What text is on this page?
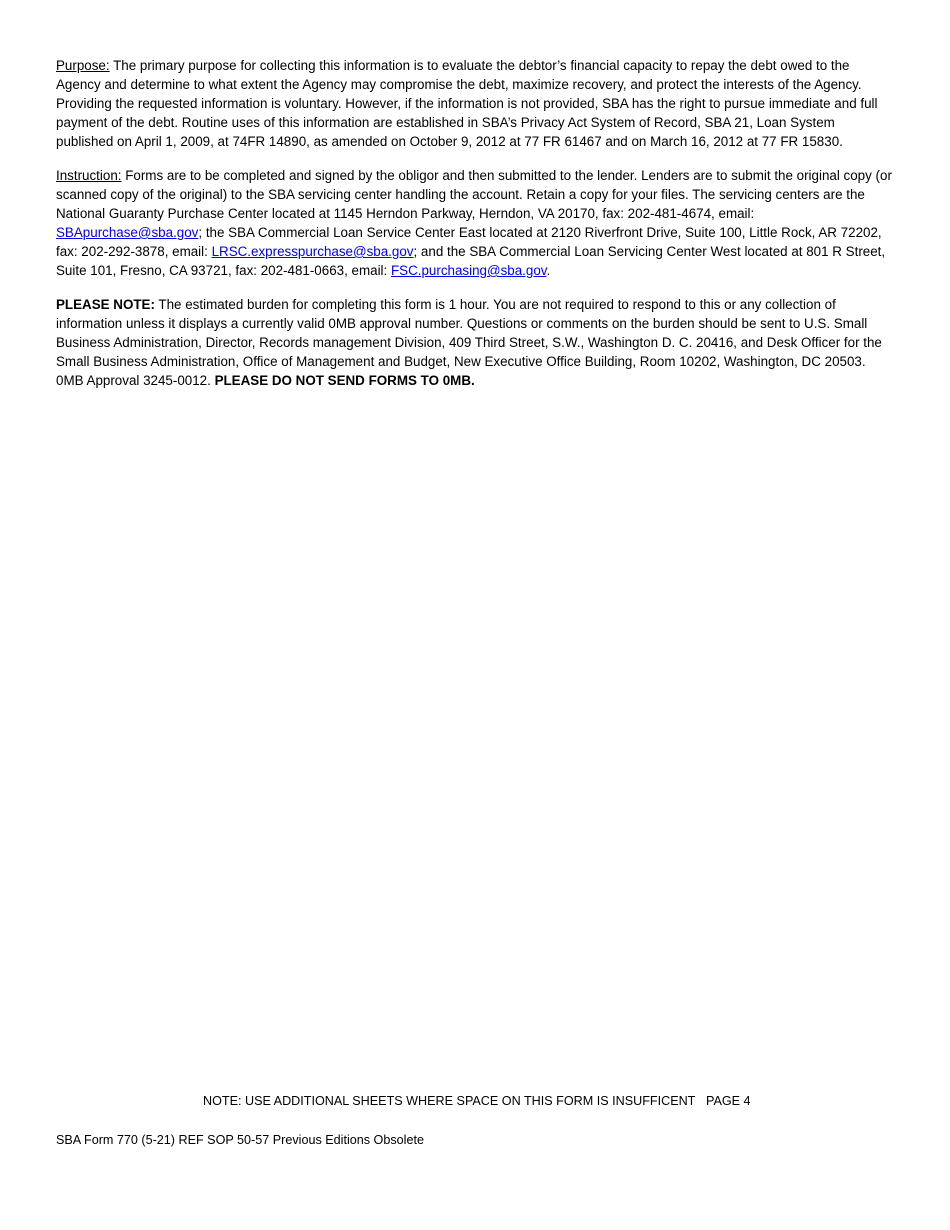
Purpose: The primary purpose for collecting this information is to evaluate the debtor’s financial capacity to repay the debt owed to the Agency and determine to what extent the Agency may compromise the debt, maximize recovery, and protect the interests of the Agency. Providing the requested information is voluntary. However, if the information is not provided, SBA has the right to pursue immediate and full payment of the debt. Routine uses of this information are established in SBA’s Privacy Act System of Record, SBA 21, Loan System published on April 1, 2009, at 74FR 14890, as amended on October 9, 2012 at 77 FR 61467 and on March 16, 2012 at 77 FR 15830.

Instruction: Forms are to be completed and signed by the obligor and then submitted to the lender. Lenders are to submit the original copy (or scanned copy of the original) to the SBA servicing center handling the account. Retain a copy for your files. The servicing centers are the National Guaranty Purchase Center located at 1145 Herndon Parkway, Herndon, VA 20170, fax: 202-481-4674, email: SBApurchase@sba.gov; the SBA Commercial Loan Service Center East located at 2120 Riverfront Drive, Suite 100, Little Rock, AR 72202, fax: 202-292-3878, email: LRSC.expresspurchase@sba.gov; and the SBA Commercial Loan Servicing Center West located at 801 R Street, Suite 101, Fresno, CA 93721, fax: 202-481-0663, email: FSC.purchasing@sba.gov.

PLEASE NOTE: The estimated burden for completing this form is 1 hour. You are not required to respond to this or any collection of information unless it displays a currently valid 0MB approval number. Questions or comments on the burden should be sent to U.S. Small Business Administration, Director, Records management Division, 409 Third Street, S.W., Washington D. C. 20416, and Desk Officer for the Small Business Administration, Office of Management and Budget, New Executive Office Building, Room 10202, Washington, DC 20503. 0MB Approval 3245-0012. PLEASE DO NOT SEND FORMS TO 0MB.

NOTE: USE ADDITIONAL SHEETS WHERE SPACE ON THIS FORM IS INSUFFICENT PAGE 4
SBA Form 770 (5-21) REF SOP 50-57 Previous Editions Obsolete
